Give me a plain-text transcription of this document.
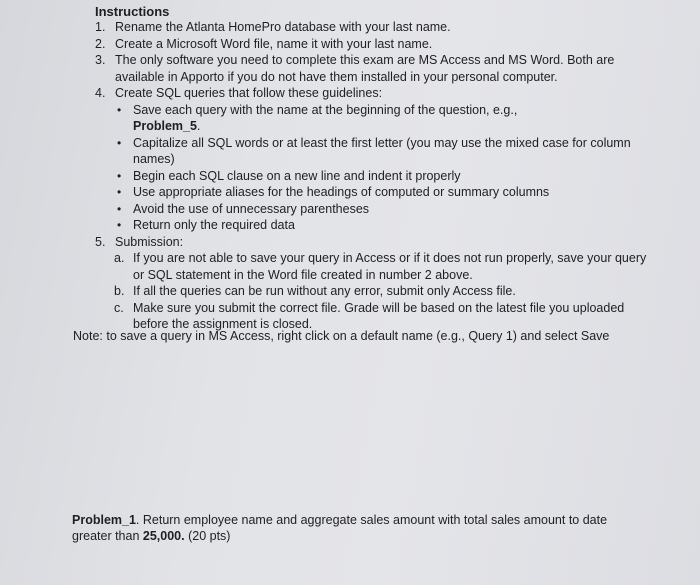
Instructions
1. Rename the Atlanta HomePro database with your last name.
2. Create a Microsoft Word file, name it with your last name.
3. The only software you need to complete this exam are MS Access and MS Word. Both are available in Apporto if you do not have them installed in your personal computer.
4. Create SQL queries that follow these guidelines:
• Save each query with the name at the beginning of the question, e.g.,
Problem_5.
• Capitalize all SQL words or at least the first letter (you may use the mixed case for column names)
• Begin each SQL clause on a new line and indent it properly
• Use appropriate aliases for the headings of computed or summary columns
• Avoid the use of unnecessary parentheses
• Return only the required data
5. Submission:
a. If you are not able to save your query in Access or if it does not run properly, save your query or SQL statement in the Word file created in number 2 above.
b. If all the queries can be run without any error, submit only Access file.
c. Make sure you submit the correct file. Grade will be based on the latest file you uploaded before the assignment is closed.
Note: to save a query in MS Access, right click on a default name (e.g., Query 1) and select Save
Problem_1. Return employee name and aggregate sales amount with total sales amount to date greater than 25,000. (20 pts)
